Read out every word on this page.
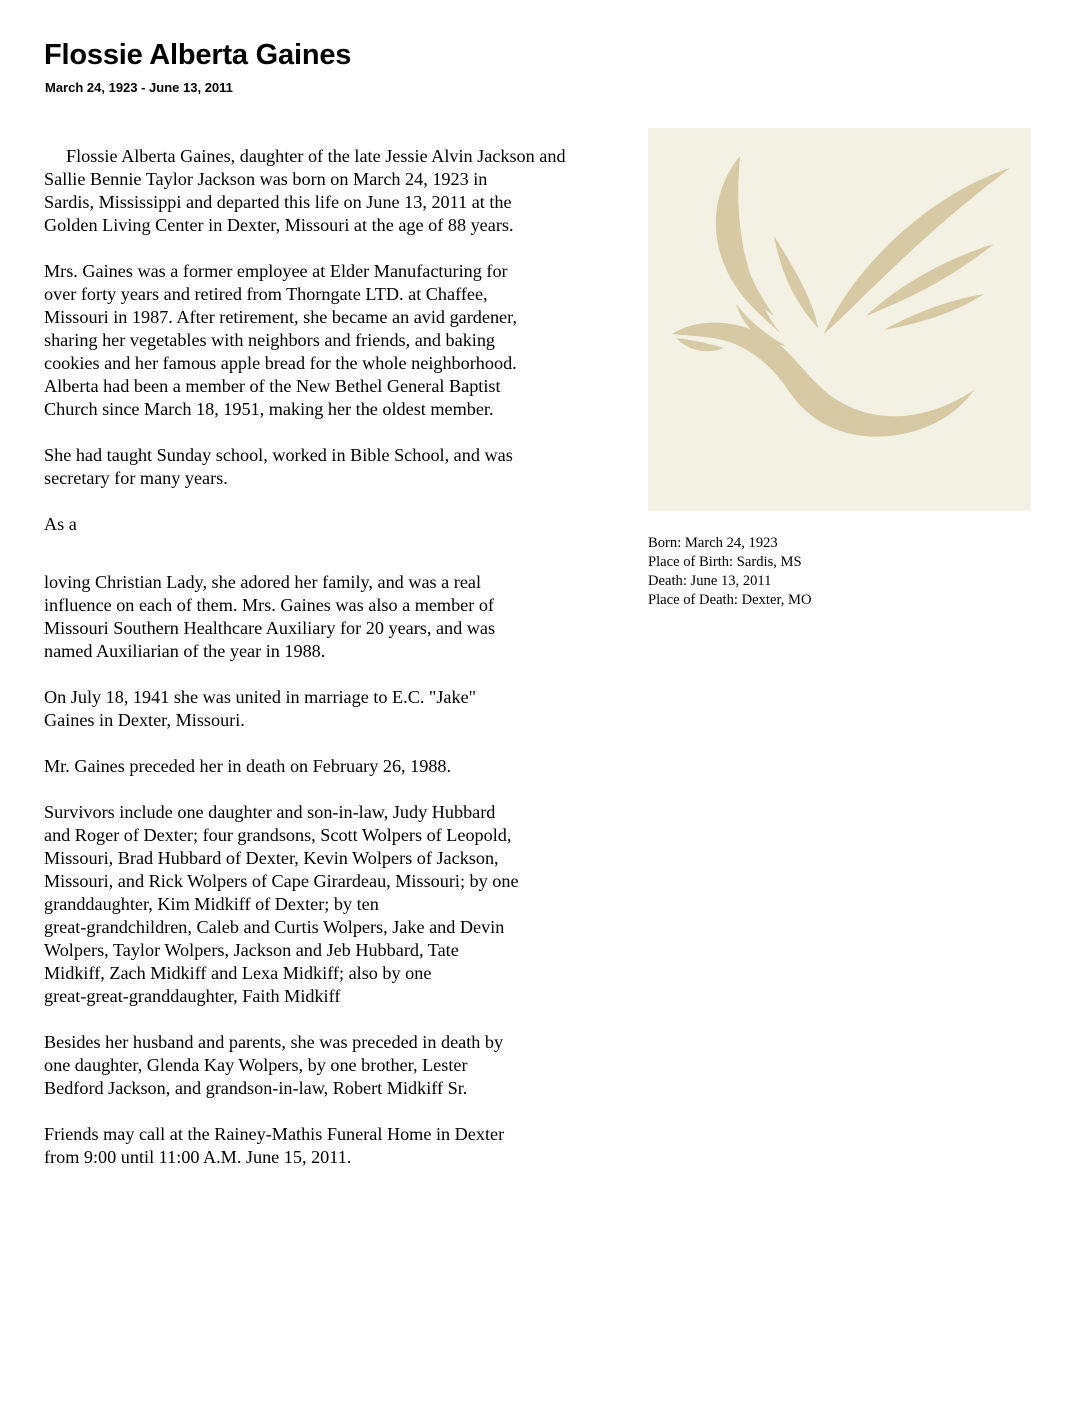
Flossie Alberta Gaines
March 24, 1923 - June 13, 2011

Flossie Alberta Gaines, daughter of the late Jessie Alvin Jackson and
Sallie Bennie Taylor Jackson was born on March 24, 1923 in
Sardis, Mississippi and departed this life on June 13, 2011 at the
Golden Living Center in Dexter, Missouri at the age of 88 years.

Mrs. Gaines was a former employee at Elder Manufacturing for
over forty years and retired from Thorngate LTD. at Chaffee,
Missouri in 1987. After retirement, she became an avid gardener,
sharing her vegetables with neighbors and friends, and baking
cookies and her famous apple bread for the whole neighborhood.
Alberta had been a member of the New Bethel General Baptist
Church since March 18, 1951, making her the oldest member.

She had taught Sunday school, worked in Bible School, and was
secretary for many years.

As a

loving Christian Lady, she adored her family, and was a real
influence on each of them. Mrs. Gaines was also a member of
Missouri Southern Healthcare Auxiliary for 20 years, and was
named Auxiliarian of the year in 1988.

On July 18, 1941 she was united in marriage to E.C. "Jake"
Gaines in Dexter, Missouri.

Mr. Gaines preceded her in death on February 26, 1988.

Survivors include one daughter and son-in-law, Judy Hubbard
and Roger of Dexter; four grandsons, Scott Wolpers of Leopold,
Missouri, Brad Hubbard of Dexter, Kevin Wolpers of Jackson,
Missouri, and Rick Wolpers of Cape Girardeau, Missouri; by one
granddaughter, Kim Midkiff of Dexter; by ten
great-grandchildren, Caleb and Curtis Wolpers, Jake and Devin
Wolpers, Taylor Wolpers, Jackson and Jeb Hubbard, Tate
Midkiff, Zach Midkiff and Lexa Midkiff; also by one
great-great-granddaughter, Faith Midkiff

Besides her husband and parents, she was preceded in death by
one daughter, Glenda Kay Wolpers, by one brother, Lester
Bedford Jackson, and grandson-in-law, Robert Midkiff Sr.

Friends may call at the Rainey-Mathis Funeral Home in Dexter
from 9:00 until 11:00 A.M. June 15, 2011.

Born: March 24, 1923
Place of Birth: Sardis, MS
Death: June 13, 2011
Place of Death: Dexter, MO
